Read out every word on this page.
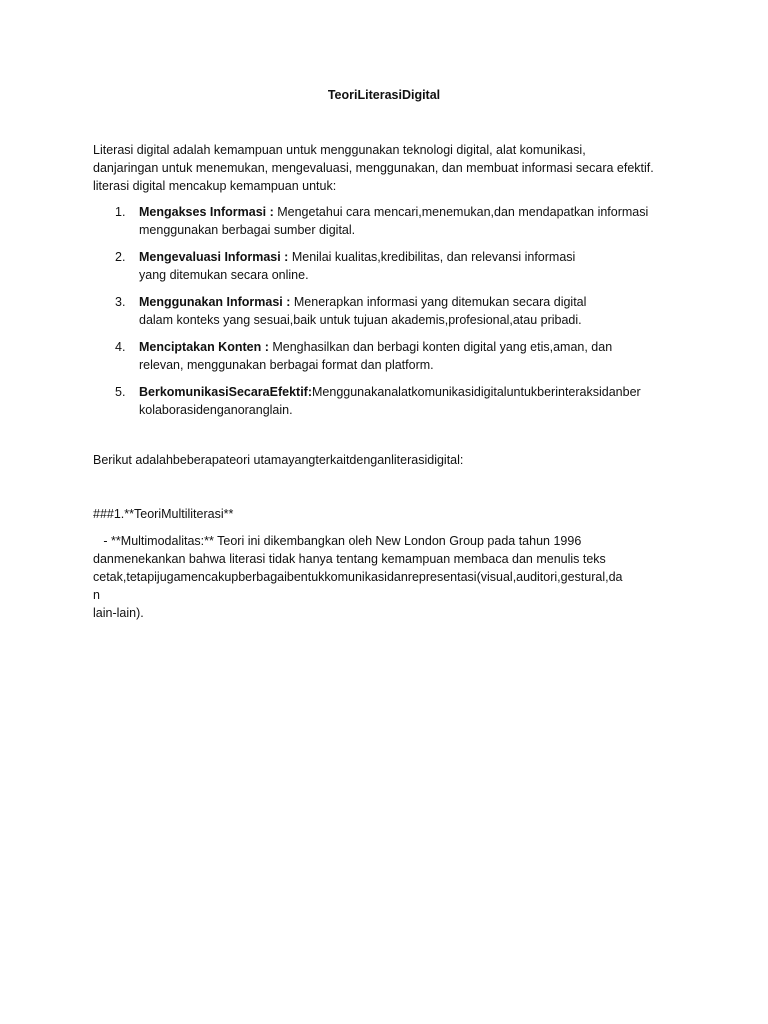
TeoriLiterasiDigital
Literasi digital adalah kemampuan untuk menggunakan teknologi digital, alat komunikasi,
danjaringan untuk menemukan, mengevaluasi, menggunakan, dan membuat informasi secara efektif.
literasi digital mencakup kemampuan untuk:
1. Mengakses Informasi : Mengetahui cara mencari,menemukan,dan mendapatkan informasi
menggunakan berbagai sumber digital.
2. Mengevaluasi Informasi : Menilai kualitas,kredibilitas, dan relevansi informasi
yang ditemukan secara online.
3. Menggunakan Informasi : Menerapkan informasi yang ditemukan secara digital
dalam konteks yang sesuai,baik untuk tujuan akademis,profesional,atau pribadi.
4. Menciptakan Konten : Menghasilkan dan berbagi konten digital yang etis,aman, dan
relevan, menggunakan berbagai format dan platform.
5. BerkomunikasiSecaraEfektif:Menggunakanalatkomunikasidigitaluntukberinteraksidanber
kolaborasidenganoranglain.
Berikut adalahbeberapateori utamayangterkaitdenganliterasidigital:
###1.**TeoriMultiliterasi**
- **Multimodalitas:** Teori ini dikembangkan oleh New London Group pada tahun 1996
danmenekankan bahwa literasi tidak hanya tentang kemampuan membaca dan menulis teks
cetak,tetapijugamencakupberbagaibentukkomunikasidanrepresentasi(visual,auditori,gestural,da
n
lain-lain).
